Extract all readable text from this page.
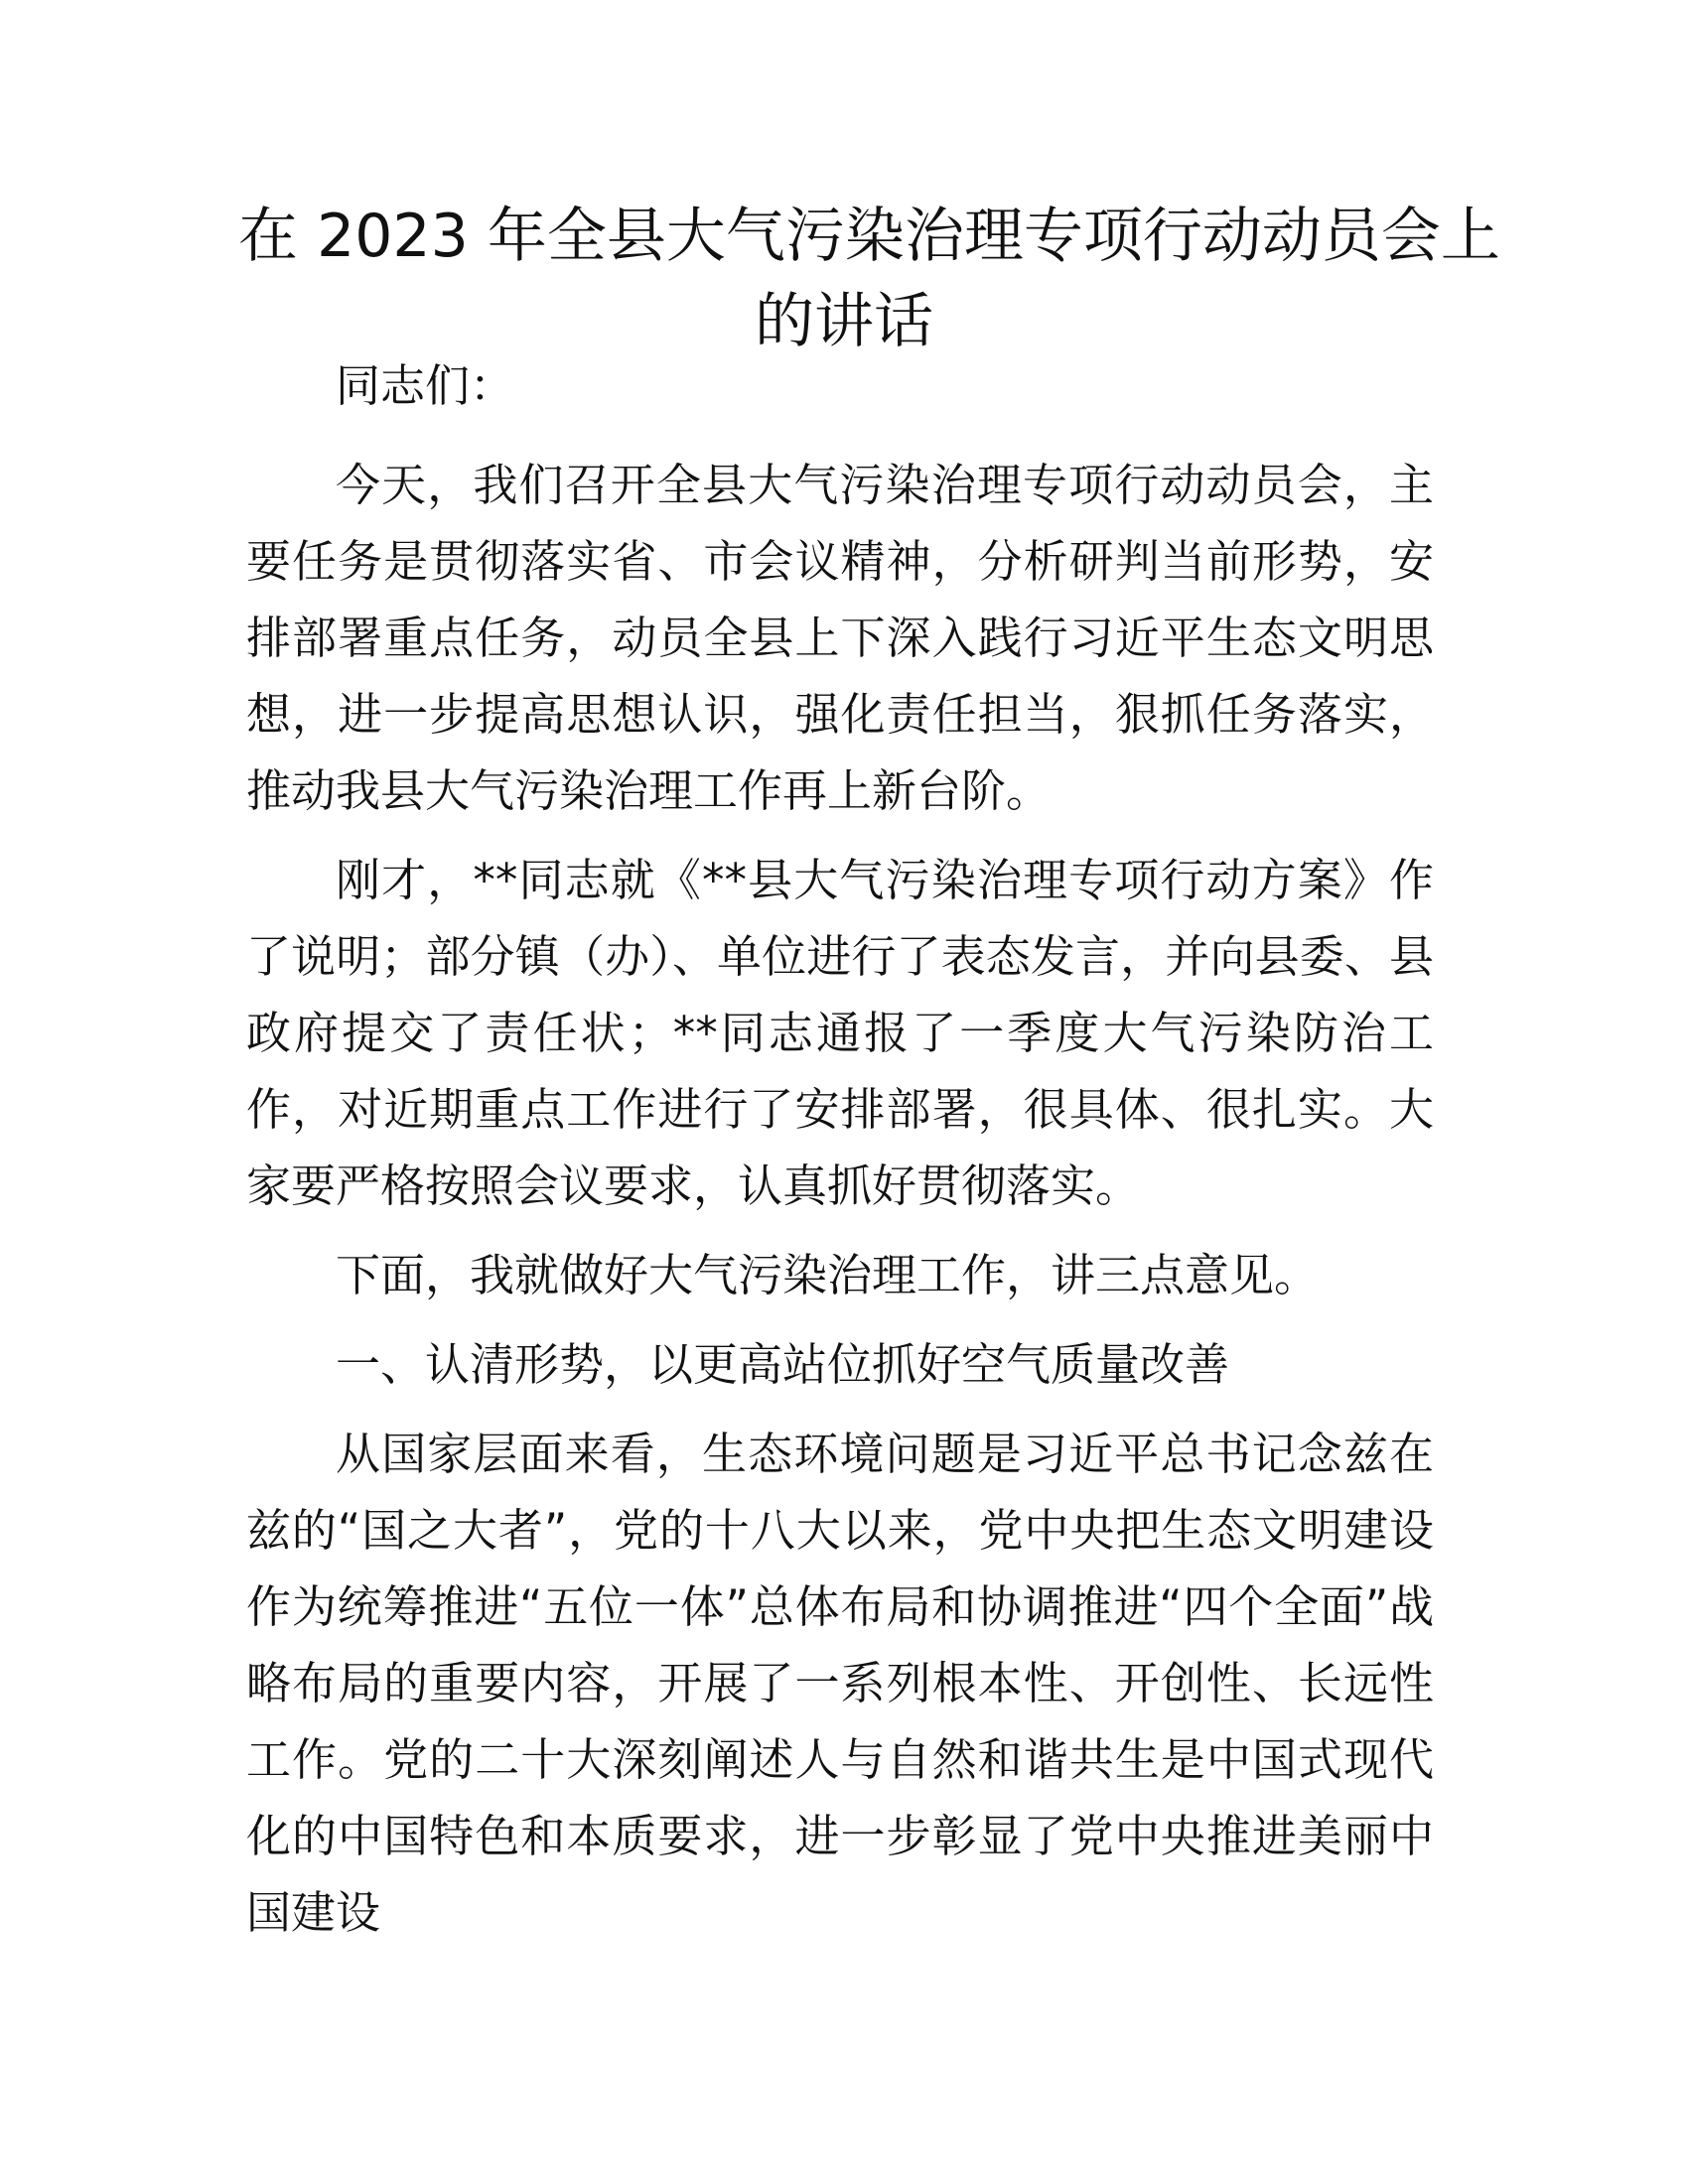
在 2023 年全县大气污染治理专项行动动员会上
的讲话

同志们：

今天，我们召开全县大气污染治理专项行动动员会，主要任务是贯彻落实省、市会议精神，分析研判当前形势，安排部署重点任务，动员全县上下深入践行习近平生态文明思想，进一步提高思想认识，强化责任担当，狠抓任务落实，推动我县大气污染治理工作再上新台阶。

刚才，**同志就《**县大气污染治理专项行动方案》作了说明；部分镇（办）、单位进行了表态发言，并向县委、县政府提交了责任状；**同志通报了一季度大气污染防治工作，对近期重点工作进行了安排部署，很具体、很扎实。大家要严格按照会议要求，认真抓好贯彻落实。

下面，我就做好大气污染治理工作，讲三点意见。

一、认清形势，以更高站位抓好空气质量改善

从国家层面来看，生态环境问题是习近平总书记念兹在兹的“国之大者”，党的十八大以来，党中央把生态文明建设作为统筹推进“五位一体”总体布局和协调推进“四个全面”战略布局的重要内容，开展了一系列根本性、开创性、长远性工作。党的二十大深刻阐述人与自然和谐共生是中国式现代化的中国特色和本质要求，进一步彰显了党中央推进美丽中国建设
